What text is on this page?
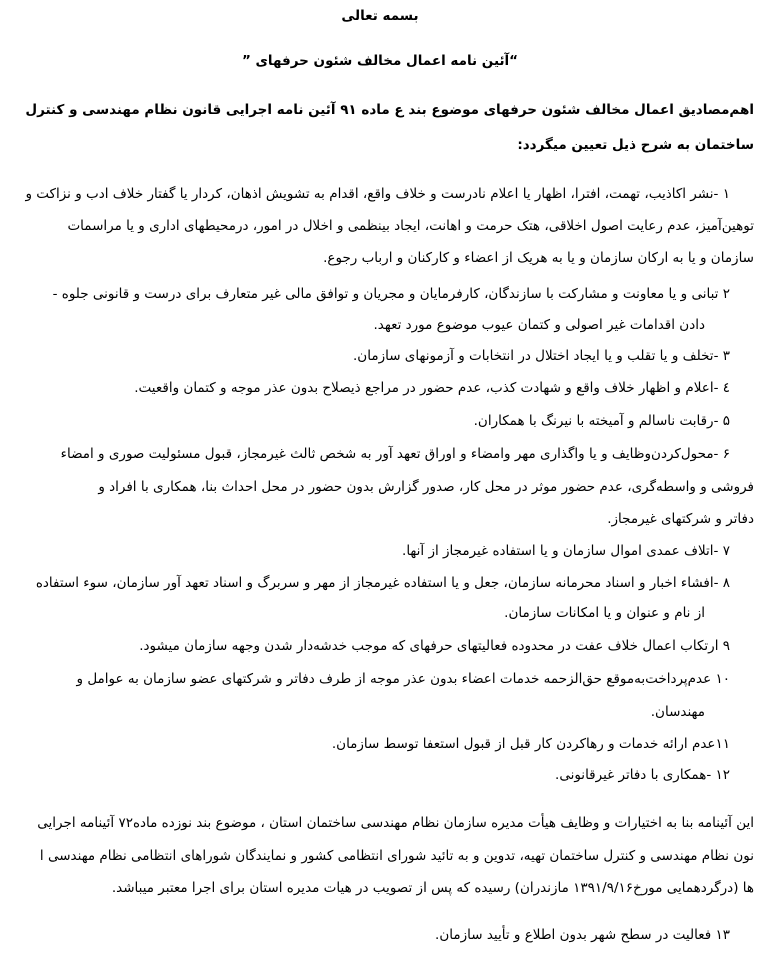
بسمه تعالی
“آئین نامه اعمال مخالف شئون حرفهای ”
اهم‌مصادیق اعمال مخالف شئون حرفهای موضوع بند ع ماده ۹۱ آئین نامه اجرایی قانون نظام مهندسی و کنترل
ساختمان به شرح ذیل تعیین میگردد:
۱ -نشر اکاذیب، تهمت، افترا، اظهار یا اعلام نادرست و خلاف واقع، اقدام به تشویش اذهان، کردار یا گفتار خلاف ادب و نزاکت و
توهین‌آمیز، عدم رعایت اصول اخلاقی، هتک حرمت و اهانت، ایجاد بینظمی و اخلال در امور، درمحیطهای اداری و یا مراسمات
سازمان و یا به ارکان سازمان و یا به هریک از اعضاء و کارکنان و ارباب رجوع.
۲ تبانی و یا معاونت و مشارکت با سازندگان، کارفرمایان و مجریان و توافق مالی غیر متعارف برای درست و قانونی جلوه -
دادن اقدامات غیر اصولی و کتمان عیوب موضوع مورد تعهد.
۳ -تخلف و یا تقلب و یا ایجاد اختلال در انتخابات و آزمونهای سازمان.
٤ -اعلام و اظهار خلاف واقع و شهادت کذب، عدم حضور در مراجع ذیصلاح بدون عذر موجه و کتمان واقعیت.
۵ -رقابت ناسالم و آمیخته با نیرنگ با همکاران.
۶ -محول‌کردن‌وظایف و یا واگذاری مهر وامضاء و اوراق تعهد آور به شخص ثالث غیرمجاز، قبول مسئولیت صوری و امضاء
فروشی و واسطه‌گری، عدم حضور موثر در محل کار، صدور گزارش بدون حضور در محل احداث بنا، همکاری با افراد و
دفاتر و شرکتهای غیرمجاز.
۷ -اتلاف عمدی اموال سازمان و یا استفاده غیرمجاز از آنها.
۸ -افشاء اخبار و اسناد محرمانه سازمان، جعل و یا استفاده غیرمجاز از مهر و سربرگ و اسناد تعهد آور سازمان، سوء استفاده
از نام و عنوان و یا امکانات سازمان.
۹ ارتکاب اعمال خلاف عفت در محدوده فعالیتهای حرفهای که موجب خدشه‌دار شدن وجهه سازمان میشود.
۱۰ عدم‌پرداخت‌به‌موقع حق‌الزحمه خدمات اعضاء بدون عذر موجه از طرف دفاتر و شرکتهای عضو سازمان به عوامل و
مهندسان.
۱۱عدم ارائه خدمات و رهاکردن کار قبل از قبول استعفا توسط سازمان.
۱۲ -همکاری با دفاتر غیرقانونی.
این آئینامه بنا به اختیارات و وظایف هیأت مدیره سازمان نظام مهندسی ساختمان استان ، موضوع بند نوزده ماده۷۲ آئینامه اجرایی
نون نظام مهندسی و کنترل ساختمان تهیه، تدوین و به تائید شورای انتظامی کشور و نمایندگان شوراهای انتظامی نظام مهندسی ا
ها (درگردهمایی مورخ۱۳۹۱/۹/۱۶ مازندران) رسیده که پس از تصویب در هیات مدیره استان برای اجرا معتبر میباشد.
۱۳ فعالیت در سطح شهر بدون اطلاع و تأیید سازمان.
